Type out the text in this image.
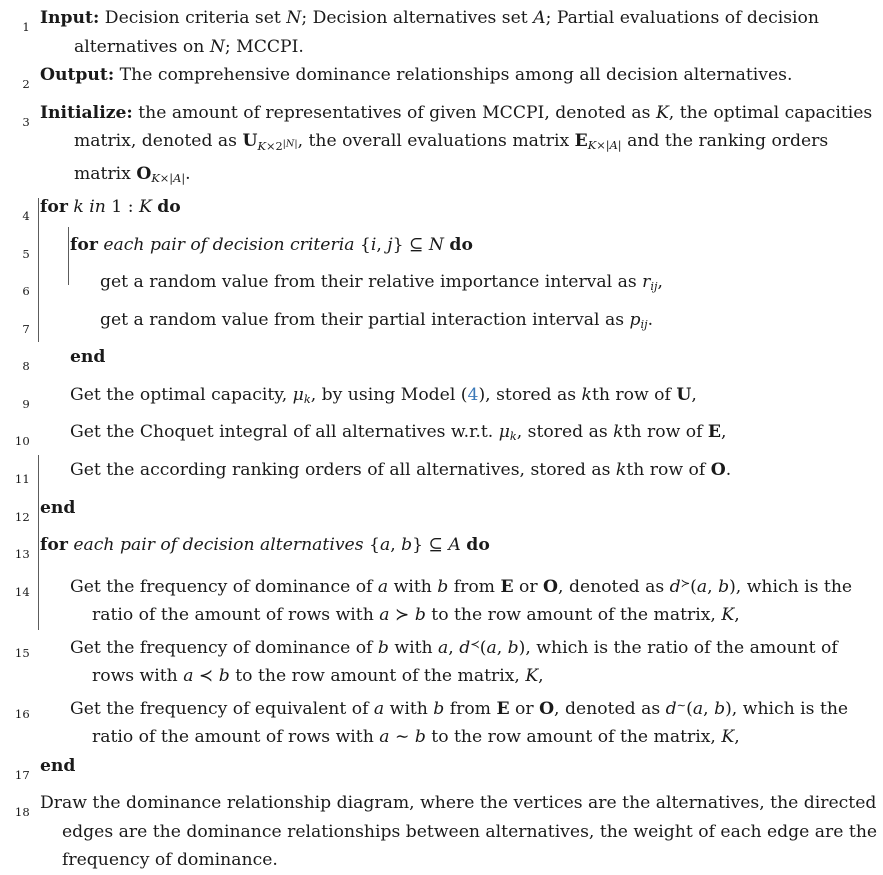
1 Input: Decision criteria set N; Decision alternatives set A; Partial evaluations of decision alternatives on N; MCCPI.
2 Output: The comprehensive dominance relationships among all decision alternatives.
3 Initialize: the amount of representatives of given MCCPI, denoted as K, the optimal capacities matrix, denoted as $U_{K\times 2^{|N|}}$, the overall evaluations matrix $E_{K\times|A|}$ and the ranking orders matrix $O_{K\times|A|}$.
4 for k in 1 : K do
5 for each pair of decision criteria {i, j} ⊆ N do
6	get a random value from their relative importance interval as $r_{ij}$,
7	get a random value from their partial interaction interval as $p_{ij}$.
8 end
9 Get the optimal capacity, $\mu_k$, by using Model (4), stored as kth row of U,
10 Get the Choquet integral of all alternatives w.r.t. $\mu_k$, stored as kth row of E,
11 Get the according ranking orders of all alternatives, stored as kth row of O.
12 end
13 for each pair of decision alternatives {a, b} ⊆ A do
14 Get the frequency of dominance of a with b from E or O, denoted as d≻(a, b), which is the ratio of the amount of rows with a ≻ b to the row amount of the matrix, K,
15 Get the frequency of dominance of b with a, d≺(a, b), which is the ratio of the amount of rows with a ≺ b to the row amount of the matrix, K,
16 Get the frequency of equivalent of a with b from E or O, denoted as d∼(a, b), which is the ratio of the amount of rows with a ∼ b to the row amount of the matrix, K,
17 end
18 Draw the dominance relationship diagram, where the vertices are the alternatives, the directed edges are the dominance relationships between alternatives, the weight of each edge are the frequency of dominance.
